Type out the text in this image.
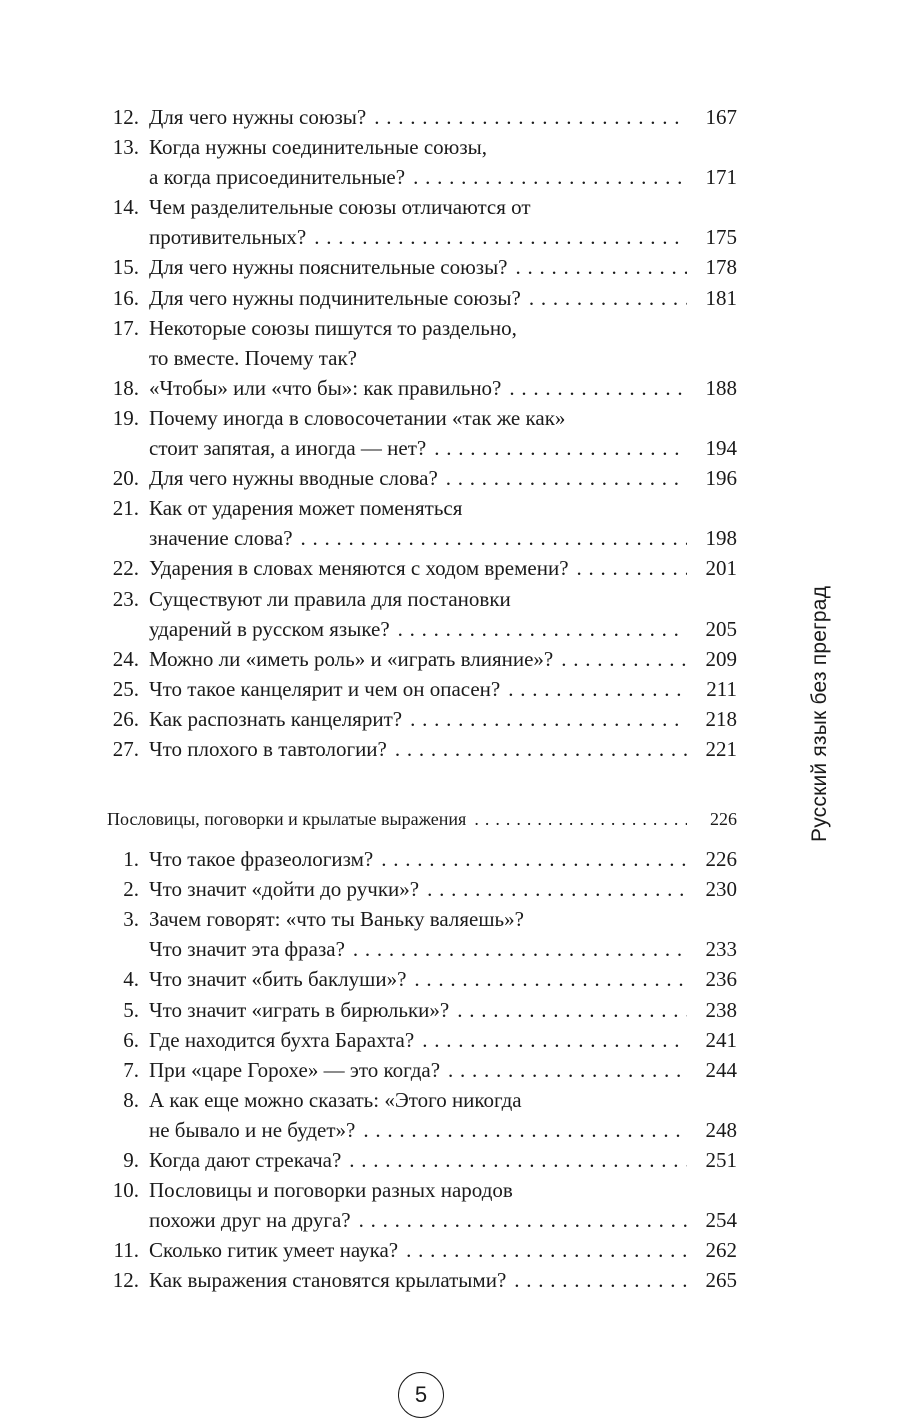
12. Для чего нужны союзы? . . .	167
13. Когда нужны соединительные союзы,
а когда присоединительные? . . .	171
14. Чем разделительные союзы отличаются от
противительных? . . .	175
15. Для чего нужны пояснительные союзы? . . .	178
16. Для чего нужны подчинительные союзы? . . .	181
17. Некоторые союзы пишутся то раздельно,
то вместе. Почему так?
18. «Чтобы» или «что бы»: как правильно? . . .	188
19. Почему иногда в словосочетании «так же как»
стоит запятая, а иногда — нет? . . .	194
20. Для чего нужны вводные слова? . . .	196
21. Как от ударения может поменяться
значение слова? . . .	198
22. Ударения в словах меняются с ходом времени? . . .	201
23. Существуют ли правила для постановки
ударений в русском языке? . . .	205
24. Можно ли «иметь роль» и «играть влияние»? . . .	209
25. Что такое канцелярит и чем он опасен? . . .	211
26. Как распознать канцелярит? . . .	218
27. Что плохого в тавтологии? . . .	221
Пословицы, поговорки и крылатые выражения . . .	226
1. Что такое фразеологизм? . . .	226
2. Что значит «дойти до ручки»? . . .	230
3. Зачем говорят: «что ты Ваньку валяешь»?
Что значит эта фраза? . . .	233
4. Что значит «бить баклуши»? . . .	236
5. Что значит «играть в бирюльки»? . . .	238
6. Где находится бухта Барахта? . . .	241
7. При «царе Горохе» — это когда? . . .	244
8. А как еще можно сказать: «Этого никогда
не бывало и не будет»? . . .	248
9. Когда дают стрекача? . . .	251
10. Пословицы и поговорки разных народов
похожи друг на друга? . . .	254
11. Сколько гитик умеет наука? . . .	262
12. Как выражения становятся крылатыми? . . .	265
Русский язык без преград
5
